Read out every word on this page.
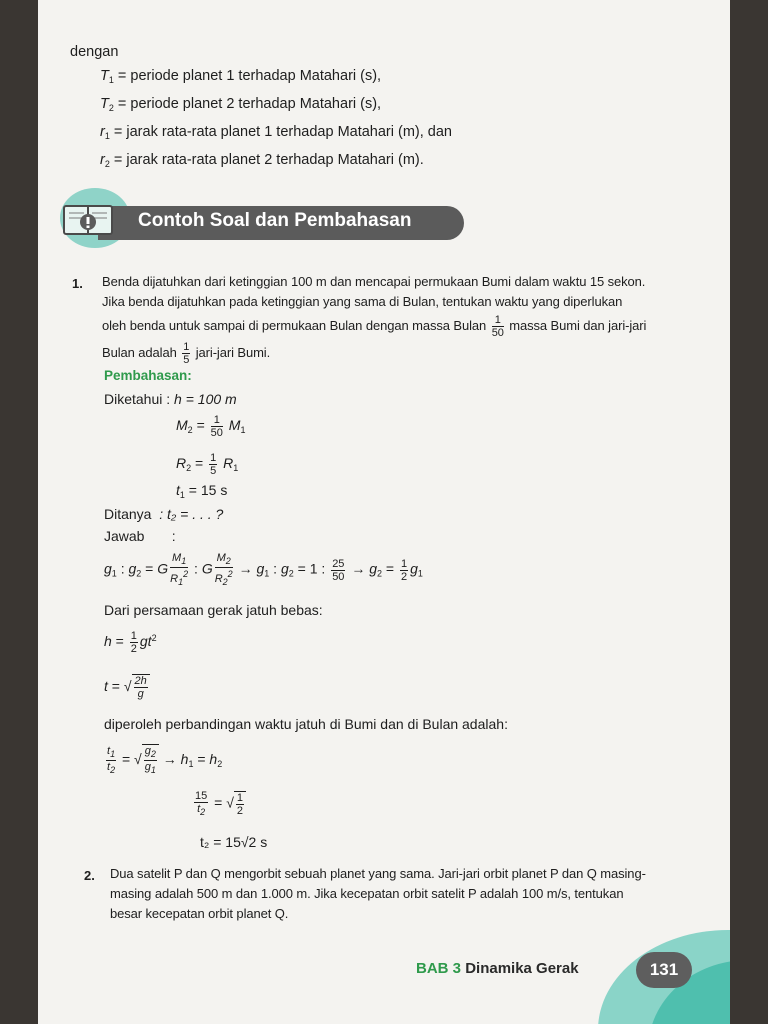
dengan
$T_1$ = periode planet 1 terhadap Matahari (s),
$T_2$ = periode planet 2 terhadap Matahari (s),
$r_1$ = jarak rata-rata planet 1 terhadap Matahari (m), dan
$r_2$ = jarak rata-rata planet 2 terhadap Matahari (m).
Contoh Soal dan Pembahasan
1. Benda dijatuhkan dari ketinggian 100 m dan mencapai permukaan Bumi dalam waktu 15 sekon.
Jika benda dijatuhkan pada ketinggian yang sama di Bulan, tentukan waktu yang diperlukan
oleh benda untuk sampai di permukaan Bulan dengan massa Bulan $\frac{1}{50}$ massa Bumi dan jari-jari
Bulan adalah $\frac{1}{5}$ jari-jari Bumi.
Pembahasan:
Diketahui : h = 100 m
$M_2 = \frac{1}{50} M_1$
$R_2 = \frac{1}{5} R_1$
$t_1 = 15$ s
Ditanya : t₂ = . . . ?
Jawab :
$g_1$ : $g_2 = G \frac{M_1}{R_1^2}$ : G $\frac{M_2}{R_2^2} \to g_1$ : $g_2 = 1$ : $\frac{25}{50} \to g_2 = \frac{1}{2} g_1$
Dari persamaan gerak jatuh bebas:
$h = \frac{1}{2} gt^2$
t = √ $\frac{2h}{g}$
diperoleh perbandingan waktu jatuh di Bumi dan di Bulan adalah:
$\frac{t_1}{t_2}$ = √ $\frac{g_2}{g_1} \to h_1 = h_2$
$\frac{15}{t_2}$ = √ $\frac{1}{2}$
t₂ = 15√2 s
2. Dua satelit P dan Q mengorbit sebuah planet yang sama. Jari-jari orbit planet P dan Q masing-
masing adalah 500 m dan 1.000 m. Jika kecepatan orbit satelit P adalah 100 m/s, tentukan
besar kecepatan orbit planet Q.
BAB 3 Dinamika Gerak	131
